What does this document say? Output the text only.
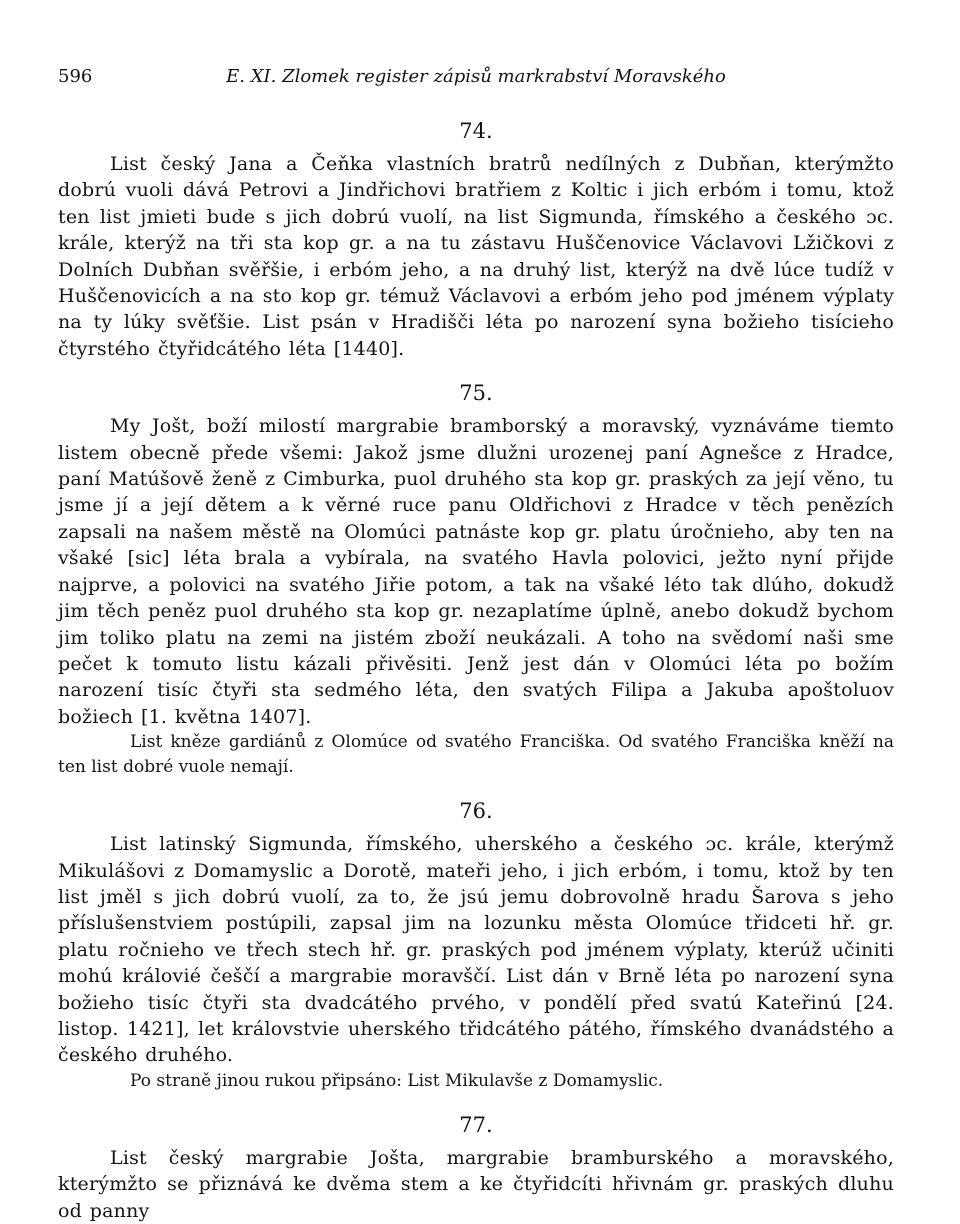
596	E. XI. Zlomek register zápisů markrabství Moravského
74.

List český Jana a Čeňka vlastních bratrů nedílných z Dubňan, kterýmžto dobrú vuoli dává Petrovi a Jindřichovi bratřiem z Koltic i jich erbóm i tomu, ktož ten list jmieti bude s jich dobrú vuolí, na list Sigmunda, římského a českého ɔc. krále, kterýž na tři sta kop gr. a na tu zástavu Huščenovice Václavovi Lžičkovi z Dolních Dubňan svěřšie, i erbóm jeho, a na druhý list, kterýž na dvě lúce tudíž v Huščenovicích a na sto kop gr. témuž Václavovi a erbóm jeho pod jménem výplaty na ty lúky svěťšie. List psán v Hradišči léta po narození syna božieho tisícieho čtyrstého čtyřidcátého léta [1440].

75.

My Jošt, boží milostí margrabie bramborský a moravský, vyznáváme tiemto listem obecně přede všemi: Jakož jsme dlužni urozenej paní Agnešce z Hradce, paní Matúšově ženě z Cimburka, puol druhého sta kop gr. praských za její věno, tu jsme jí a její dětem a k věrné ruce panu Oldřichovi z Hradce v těch penězích zapsali na našem městě na Olomúci patnáste kop gr. platu úročnieho, aby ten na všaké [sic] léta brala a vybírala, na svatého Havla polovici, ježto nyní přijde najprve, a polovici na svatého Jiřie potom, a tak na všaké léto tak dlúho, dokudž jim těch peněz puol druhého sta kop gr. nezaplatíme úplně, anebo dokudž bychom jim toliko platu na zemi na jistém zboží neukázali. A toho na svědomí naši sme pečet k tomuto listu kázali přivěsiti. Jenž jest dán v Olomúci léta po božím narození tisíc čtyři sta sedmého léta, den svatých Filipa a Jakuba apoštoluov božiech [1. května 1407].

List kněze gardiánů z Olomúce od svatého Franciška. Od svatého Franciška kněží na ten list dobré vuole nemají.

76.

List latinský Sigmunda, římského, uherského a českého ɔc. krále, kterýmž Mikulášovi z Domamyslic a Dorotě, mateři jeho, i jich erbóm, i tomu, ktož by ten list jměl s jich dobrú vuolí, za to, že jsú jemu dobrovolně hradu Šarova s jeho příslušenstviem postúpili, zapsal jim na lozunku města Olomúce třidceti hř. gr. platu ročnieho ve třech stech hř. gr. praských pod jménem výplaty, kterúž učiniti mohú královié češčí a margrabie moravščí. List dán v Brně léta po narození syna božieho tisíc čtyři sta dvadcátého prvého, v pondělí před svatú Kateřinú [24. listop. 1421], let královstvie uherského třidcátého pátého, římského dvanádstého a českého druhého.

Po straně jinou rukou připsáno: List Mikulavše z Domamyslic.

77.

List český margrabie Jošta, margrabie bramburského a moravského, kterýmžto se přiznává ke dvěma stem a ke čtyřidcíti hřivnám gr. praských dluhu od panny
